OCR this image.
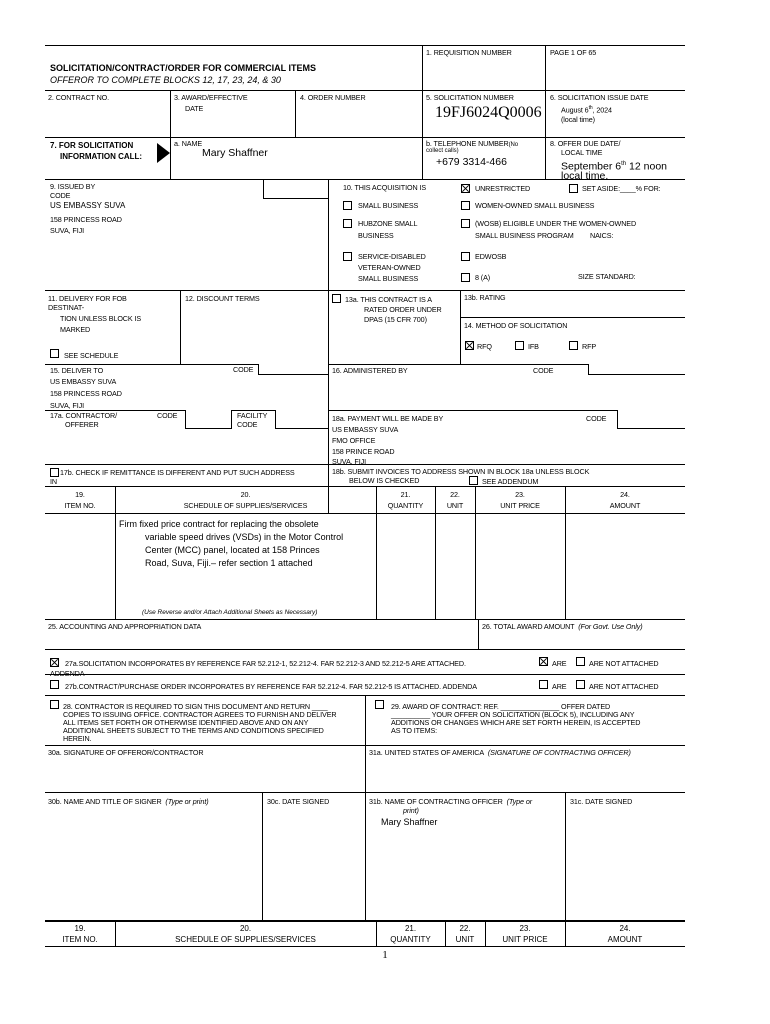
SOLICITATION/CONTRACT/ORDER FOR COMMERCIAL ITEMS
OFFEROR TO COMPLETE BLOCKS 12, 17, 23, 24, & 30
1. REQUISITION NUMBER	PAGE 1 OF 65
2. CONTRACT NO.	3. AWARD/EFFECTIVE
DATE
4. ORDER NUMBER	5. SOLICITATION NUMBER
19FJ6024Q0006
6. SOLICITATION ISSUE DATE
August 6th, 2024
(local time)
7. FOR SOLICITATION
INFORMATION CALL:
a. NAME
Mary Shaffner
b. TELEPHONE NUMBER(No
collect calls)
+679 3314-466
8. OFFER DUE DATE/
LOCAL TIME
September 6th 12 noon
local time.
9. ISSUED BY
CODE
US EMBASSY SUVA
158 PRINCESS ROAD
SUVA, FIJI
10. THIS ACQUISITION IS	UNRESTRICTED	SET ASIDE:____% FOR:
SMALL BUSINESS	WOMEN-OWNED SMALL BUSINESS
HUBZONE SMALL
BUSINESS
(WOSB) ELIGIBLE UNDER THE WOMEN-OWNED
SMALL BUSINESS PROGRAM NAICS:
SERVICE-DISABLED
VETERAN-OWNED
SMALL BUSINESS
EDWOSB
8 (A)	SIZE STANDARD:
11. DELIVERY FOR FOB
DESTINAT-
TION UNLESS BLOCK IS
MARKED
SEE SCHEDULE
12. DISCOUNT TERMS	13a. THIS CONTRACT IS A
RATED ORDER UNDER
DPAS (15 CFR 700)
13b. RATING
14. METHOD OF SOLICITATION
RFQ	IFB	RFP
15. DELIVER TO	CODE
US EMBASSY SUVA
158 PRINCESS ROAD
SUVA, FIJI
16. ADMINISTERED BY	CODE
17a. CONTRACTOR/
OFFERER
CODE	FACILITY
CODE
18a. PAYMENT WILL BE MADE BY	CODE
US EMBASSY SUVA
FMO OFFICE
158 PRINCE ROAD
SUVA, FIJI
17b. CHECK IF REMITTANCE IS DIFFERENT AND PUT SUCH ADDRESS
IN
18b. SUBMIT INVOICES TO ADDRESS SHOWN IN BLOCK 18a UNLESS BLOCK
BELOW IS CHECKED	SEE ADDENDUM
19.
ITEM NO.
20.
SCHEDULE OF SUPPLIES/SERVICES
21.
QUANTITY
22.
UNIT
23.
UNIT PRICE
24.
AMOUNT
Firm fixed price contract for replacing the obsolete
variable speed drives (VSDs) in the Motor Control
Center (MCC) panel, located at 158 Princes
Road, Suva, Fiji.– refer section 1 attached
(Use Reverse and/or Attach Additional Sheets as Necessary)
25. ACCOUNTING AND APPROPRIATION DATA	26. TOTAL AWARD AMOUNT (For Govt. Use Only)
27a.SOLICITATION INCORPORATES BY REFERENCE FAR 52.212-1, 52.212-4. FAR 52.212-3 AND 52.212-5 ARE ATTACHED.
ADDENDA
ARE	ARE NOT ATTACHED
27b.CONTRACT/PURCHASE ORDER INCORPORATES BY REFERENCE FAR 52.212-4. FAR 52.212-5 IS ATTACHED. ADDENDA	ARE	ARE NOT ATTACHED
28. CONTRACTOR IS REQUIRED TO SIGN THIS DOCUMENT AND RETURN ____
COPIES TO ISSUING OFFICE. CONTRACTOR AGREES TO FURNISH AND DELIVER
ALL ITEMS SET FORTH OR OTHERWISE IDENTIFIED ABOVE AND ON ANY
ADDITIONAL SHEETS SUBJECT TO THE TERMS AND CONDITIONS SPECIFIED
HEREIN.
29. AWARD OF CONTRACT: REF. _______________ OFFER DATED
__________ YOUR OFFER ON SOLICITATION (BLOCK 5), INCLUDING ANY
ADDITIONS OR CHANGES WHICH ARE SET FORTH HEREIN, IS ACCEPTED
AS TO ITEMS:
30a. SIGNATURE OF OFFEROR/CONTRACTOR	31a. UNITED STATES OF AMERICA (SIGNATURE OF CONTRACTING OFFICER)
30b. NAME AND TITLE OF SIGNER (Type or print)	30c. DATE SIGNED	31b. NAME OF CONTRACTING OFFICER (Type or
print)
Mary Shaffner
31c. DATE SIGNED
19.
ITEM NO.
20.
SCHEDULE OF SUPPLIES/SERVICES
21.
QUANTITY
22.
UNIT
23.
UNIT PRICE
24.
AMOUNT
1
